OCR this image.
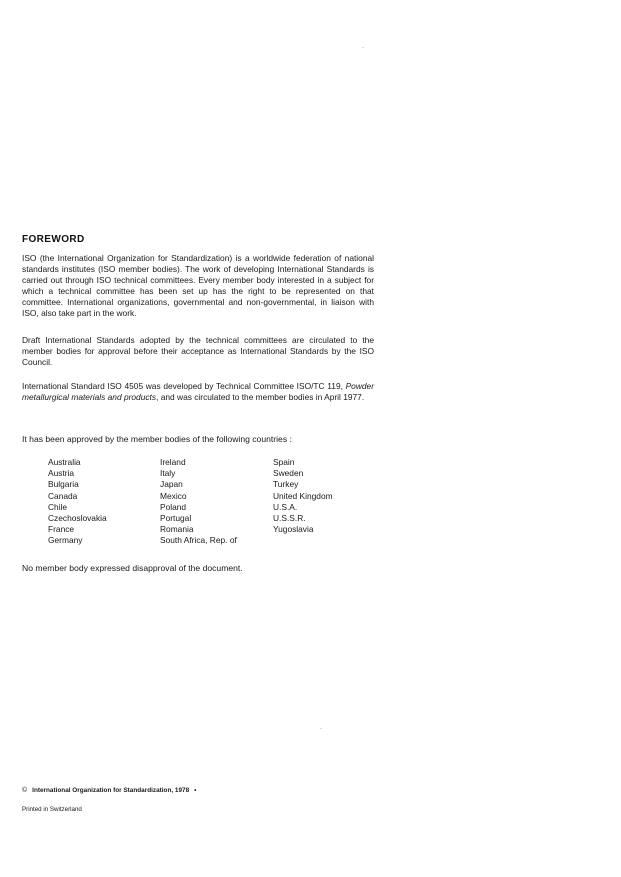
FOREWORD
ISO (the International Organization for Standardization) is a worldwide federation of national standards institutes (ISO member bodies). The work of developing International Standards is carried out through ISO technical committees. Every member body interested in a subject for which a technical committee has been set up has the right to be represented on that committee. International organizations, governmental and non-governmental, in liaison with ISO, also take part in the work.
Draft International Standards adopted by the technical committees are circulated to the member bodies for approval before their acceptance as International Standards by the ISO Council.
International Standard ISO 4505 was developed by Technical Committee ISO/TC 119, Powder metallurgical materials and products, and was circulated to the member bodies in April 1977.
It has been approved by the member bodies of the following countries :
Australia
Austria
Bulgaria
Canada
Chile
Czechoslovakia
France
Germany
Ireland
Italy
Japan
Mexico
Poland
Portugal
Romania
South Africa, Rep. of
Spain
Sweden
Turkey
United Kingdom
U.S.A.
U.S.S.R.
Yugoslavia
No member body expressed disapproval of the document.
© International Organization for Standardization, 1978 •
Printed in Switzerland
